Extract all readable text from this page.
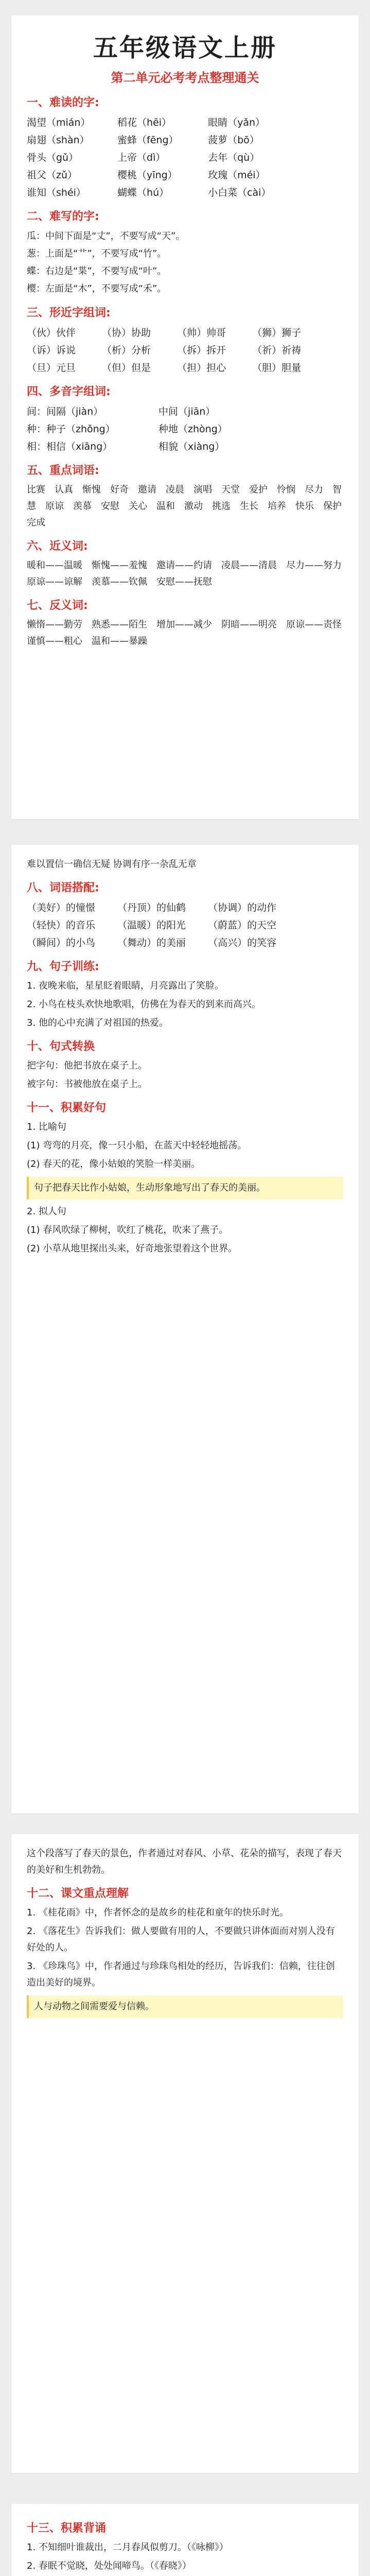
五年级语文上册
第二单元必考考点整理通关
一、难读的字:
渴望（mián）	稻花（hēi）	眼睛（yǎn）
扇翅（shàn）	蜜蜂（fēng）	菠萝（bō）
骨头（gǔ）	上帝（dì）	去年（qù）
祖父（zǔ）	樱桃（yīng）	玫瑰（méi）
谁知（shéi）	蝴蝶（hú）	小白菜（cài）
二、难写的字:
瓜：中间下面是“丈”，不要写成“天”。
葱：上面是“艹”，不要写成“竹”。
蝶：右边是“枼”，不要写成“叶”。
樱：左面是“木”，不要写成“禾”。
三、形近字组词:
（伙）伙伴	（协）协助	（帅）帅哥	（狮）狮子
（诉）诉说	（析）分析	（拆）拆开	（祈）祈祷
（旦）元旦	（但）但是	（担）担心	（胆）胆量
四、多音字组词:
间：间隔（jiàn）	中间（jiān）
种：种子（zhǒng）	种地（zhòng）
相：相信（xiāng）	相貌（xiàng）
五、重点词语:
比赛　认真　惭愧　好奇　邀请　凌晨　演唱　天堂　爱护　怜悯　尽力　智慧　原谅　羡慕　安慰　关心　温和　激动　挑选　生长　培养　快乐　保护　完成
六、近义词:
暖和——温暖　惭愧——羞愧　邀请——约请　凌晨——清晨　尽力——努力　原谅——谅解　羡慕——钦佩　安慰——抚慰
七、反义词:
懒惰——勤劳　熟悉——陌生　增加——减少　阴暗——明亮　原谅——责怪　谨慎——粗心　温和——暴躁
难以置信一确信无疑 协调有序一杂乱无章
八、词语搭配:
（美好）的憧憬 （丹顶）的仙鹤 （协调）的动作
（轻快）的音乐 （温暖）的阳光 （蔚蓝）的天空
（瞬间）的小鸟 （舞动）的美丽 （高兴）的笑容
九、句子训练:
1. 夜晚来临，星星眨着眼睛，月亮露出了笑脸。
2. 小鸟在枝头欢快地歌唱，仿佛在为春天的到来而高兴。
3. 他的心中充满了对祖国的热爱。
十、句式转换
把字句：他把书放在桌子上。
被字句：书被他放在桌子上。
十一、积累好句
1. 比喻句
(1) 弯弯的月亮，像一只小船，在蓝天中轻轻地摇荡。
(2) 春天的花，像小姑娘的笑脸一样美丽。
句子把春天比作小姑娘，生动形象地写出了春天的美丽。
2. 拟人句
(1) 春风吹绿了柳树，吹红了桃花，吹来了燕子。
(2) 小草从地里探出头来，好奇地张望着这个世界。
这个段落写了春天的景色，作者通过对春风、小草、花朵的描写，表现了春天的美好和生机勃勃。
十二、课文重点理解
1. 《桂花雨》中，作者怀念的是故乡的桂花和童年的快乐时光。
2. 《落花生》告诉我们：做人要做有用的人，不要做只讲体面而对别人没有好处的人。
3. 《珍珠鸟》中，作者通过与珍珠鸟相处的经历，告诉我们：信赖，往往创造出美好的境界。
人与动物之间需要爱与信赖。
十三、积累背诵
1. 不知细叶谁裁出，二月春风似剪刀。（《咏柳》）
2. 春眠不觉晓，处处闻啼鸟。（《春晓》）
